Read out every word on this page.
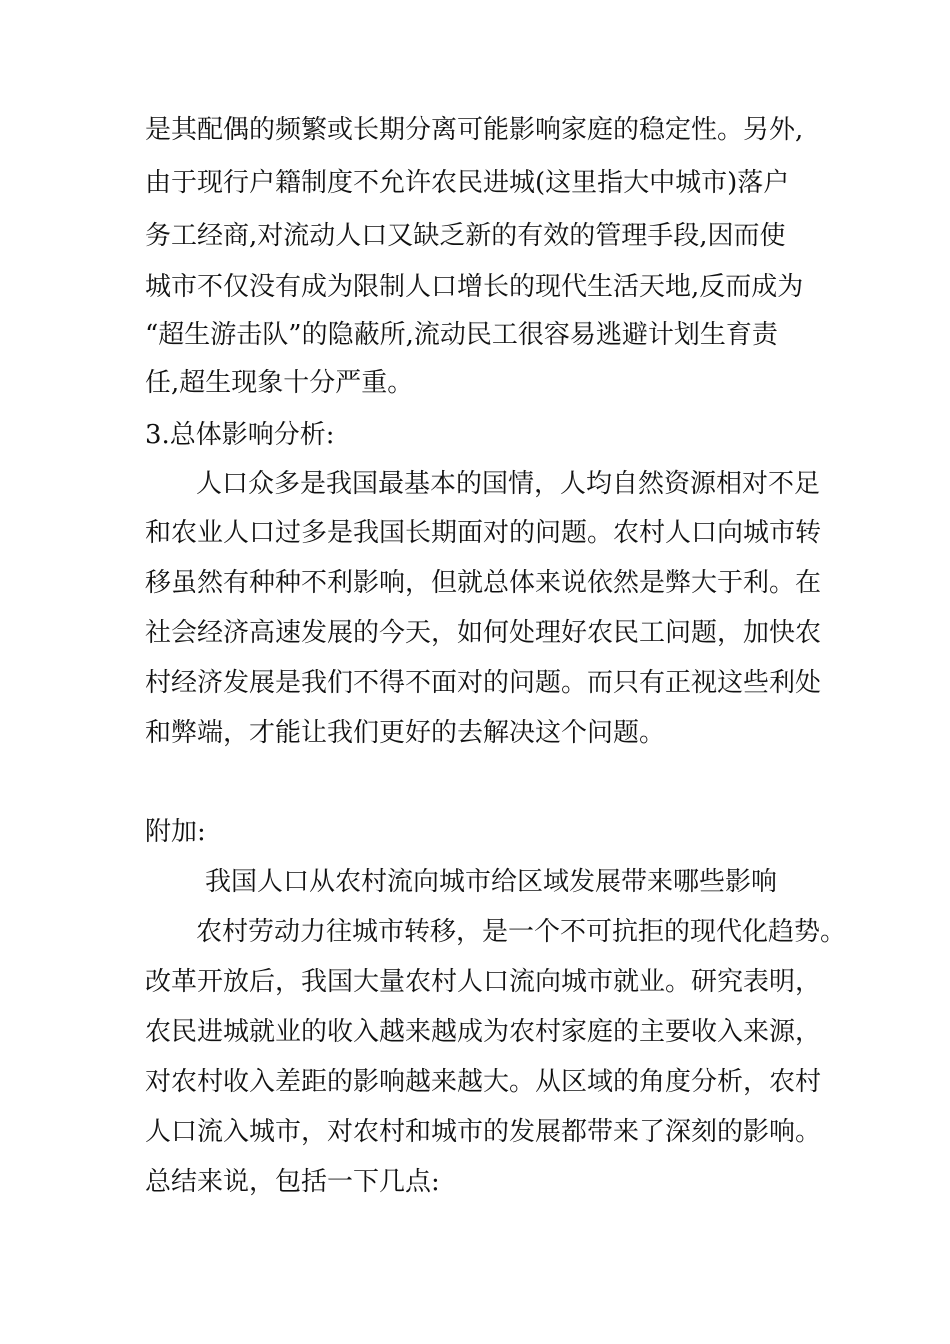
是其配偶的频繁或长期分离可能影响家庭的稳定性。另外,
由于现行户籍制度不允许农民进城(这里指大中城市)落户
务工经商,对流动人口又缺乏新的有效的管理手段,因而使
城市不仅没有成为限制人口增长的现代生活天地,反而成为
“超生游击队”的隐蔽所,流动民工很容易逃避计划生育责
任,超生现象十分严重。
3.总体影响分析:
人口众多是我国最基本的国情，人均自然资源相对不足
和农业人口过多是我国长期面对的问题。农村人口向城市转
移虽然有种种不利影响，但就总体来说依然是弊大于利。在
社会经济高速发展的今天，如何处理好农民工问题，加快农
村经济发展是我们不得不面对的问题。而只有正视这些利处
和弊端，才能让我们更好的去解决这个问题。
附加:
我国人口从农村流向城市给区域发展带来哪些影响
农村劳动力往城市转移，是一个不可抗拒的现代化趋势。
改革开放后，我国大量农村人口流向城市就业。研究表明，
农民进城就业的收入越来越成为农村家庭的主要收入来源，
对农村收入差距的影响越来越大。从区域的角度分析，农村
人口流入城市，对农村和城市的发展都带来了深刻的影响。
总结来说，包括一下几点:
